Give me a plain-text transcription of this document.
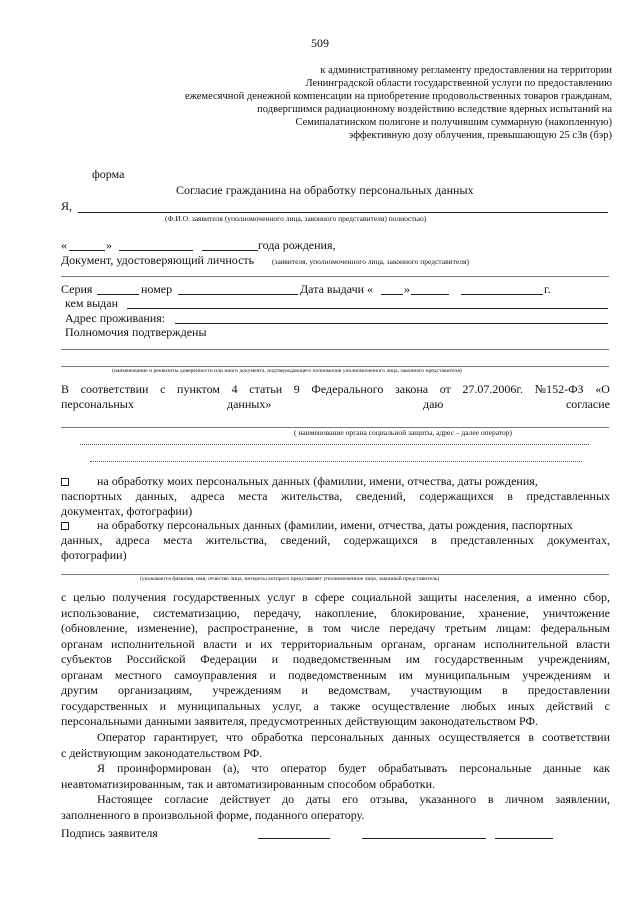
509
к административному регламенту предоставления на территории
Ленинградской области государственной услуги по предоставлению
ежемесячной денежной компенсации на приобретение продовольственных товаров гражданам,
подвергшимся радиационному воздействию вследствие ядерных испытаний на
Семипалатинском полигоне и получившим суммарную (накопленную)
эффективную дозу облучения, превышающую 25 сЗв (бэр)
форма
Согласие гражданина на обработку персональных данных
Я,
(Ф.И.О. заявителя (уполномоченного лица, законного представителя) полностью)
«	»	года рождения,
Документ, удостоверяющий личность (заявителя, уполномоченного лица, законного представителя)
Серия	номер	Дата выдачи «	»	г.
кем выдан
Адрес проживания:
Полномочия подтверждены
(наименование и реквизиты доверенности или иного документа, подтверждающего полномочия уполномоченного лица, законного представителя)
В соответствии с пунктом 4 статьи 9 Федерального закона от 27.07.2006г. №152-ФЗ «О
персональных	данных»	даю	согласие
( наименование органа социальной защиты, адрес – далее оператор)
на обработку моих персональных данных (фамилии, имени, отчества, даты рождения,
паспортных данных, адреса места жительства, сведений, содержащихся в представленных
документах, фотографии)
на обработку персональных данных (фамилии, имени, отчества, даты рождения, паспортных
данных, адреса места жительства, сведений, содержащихся в представленных документах,
фотографии)
(указывается фамилия, имя, отчество лица, интересы которого представляет уполномоченное лицо, законный представитель)
с целью получения государственных услуг в сфере социальной защиты населения, а именно сбор,
использование, систематизацию, передачу, накопление, блокирование, хранение, уничтожение
(обновление, изменение), распространение, в том числе передачу третьим лицам: федеральным
органам исполнительной власти и их территориальным органам, органам исполнительной власти
субъектов Российской Федерации и подведомственным им государственным учреждениям,
органам местного самоуправления и подведомственным им муниципальным учреждениям и
другим организациям, учреждениям и ведомствам, участвующим в предоставлении
государственных и муниципальных услуг, а также осуществление любых иных действий с
персональными данными заявителя, предусмотренных действующим законодательством РФ.
Оператор гарантирует, что обработка персональных данных осуществляется в соответствии
с действующим законодательством РФ.
Я проинформирован (а), что оператор будет обрабатывать персональные данные как
неавтоматизированным, так и автоматизированным способом обработки.
Настоящее согласие действует до даты его отзыва, указанного в личном заявлении,
заполненного в произвольной форме, поданного оператору.
Подпись заявителя
